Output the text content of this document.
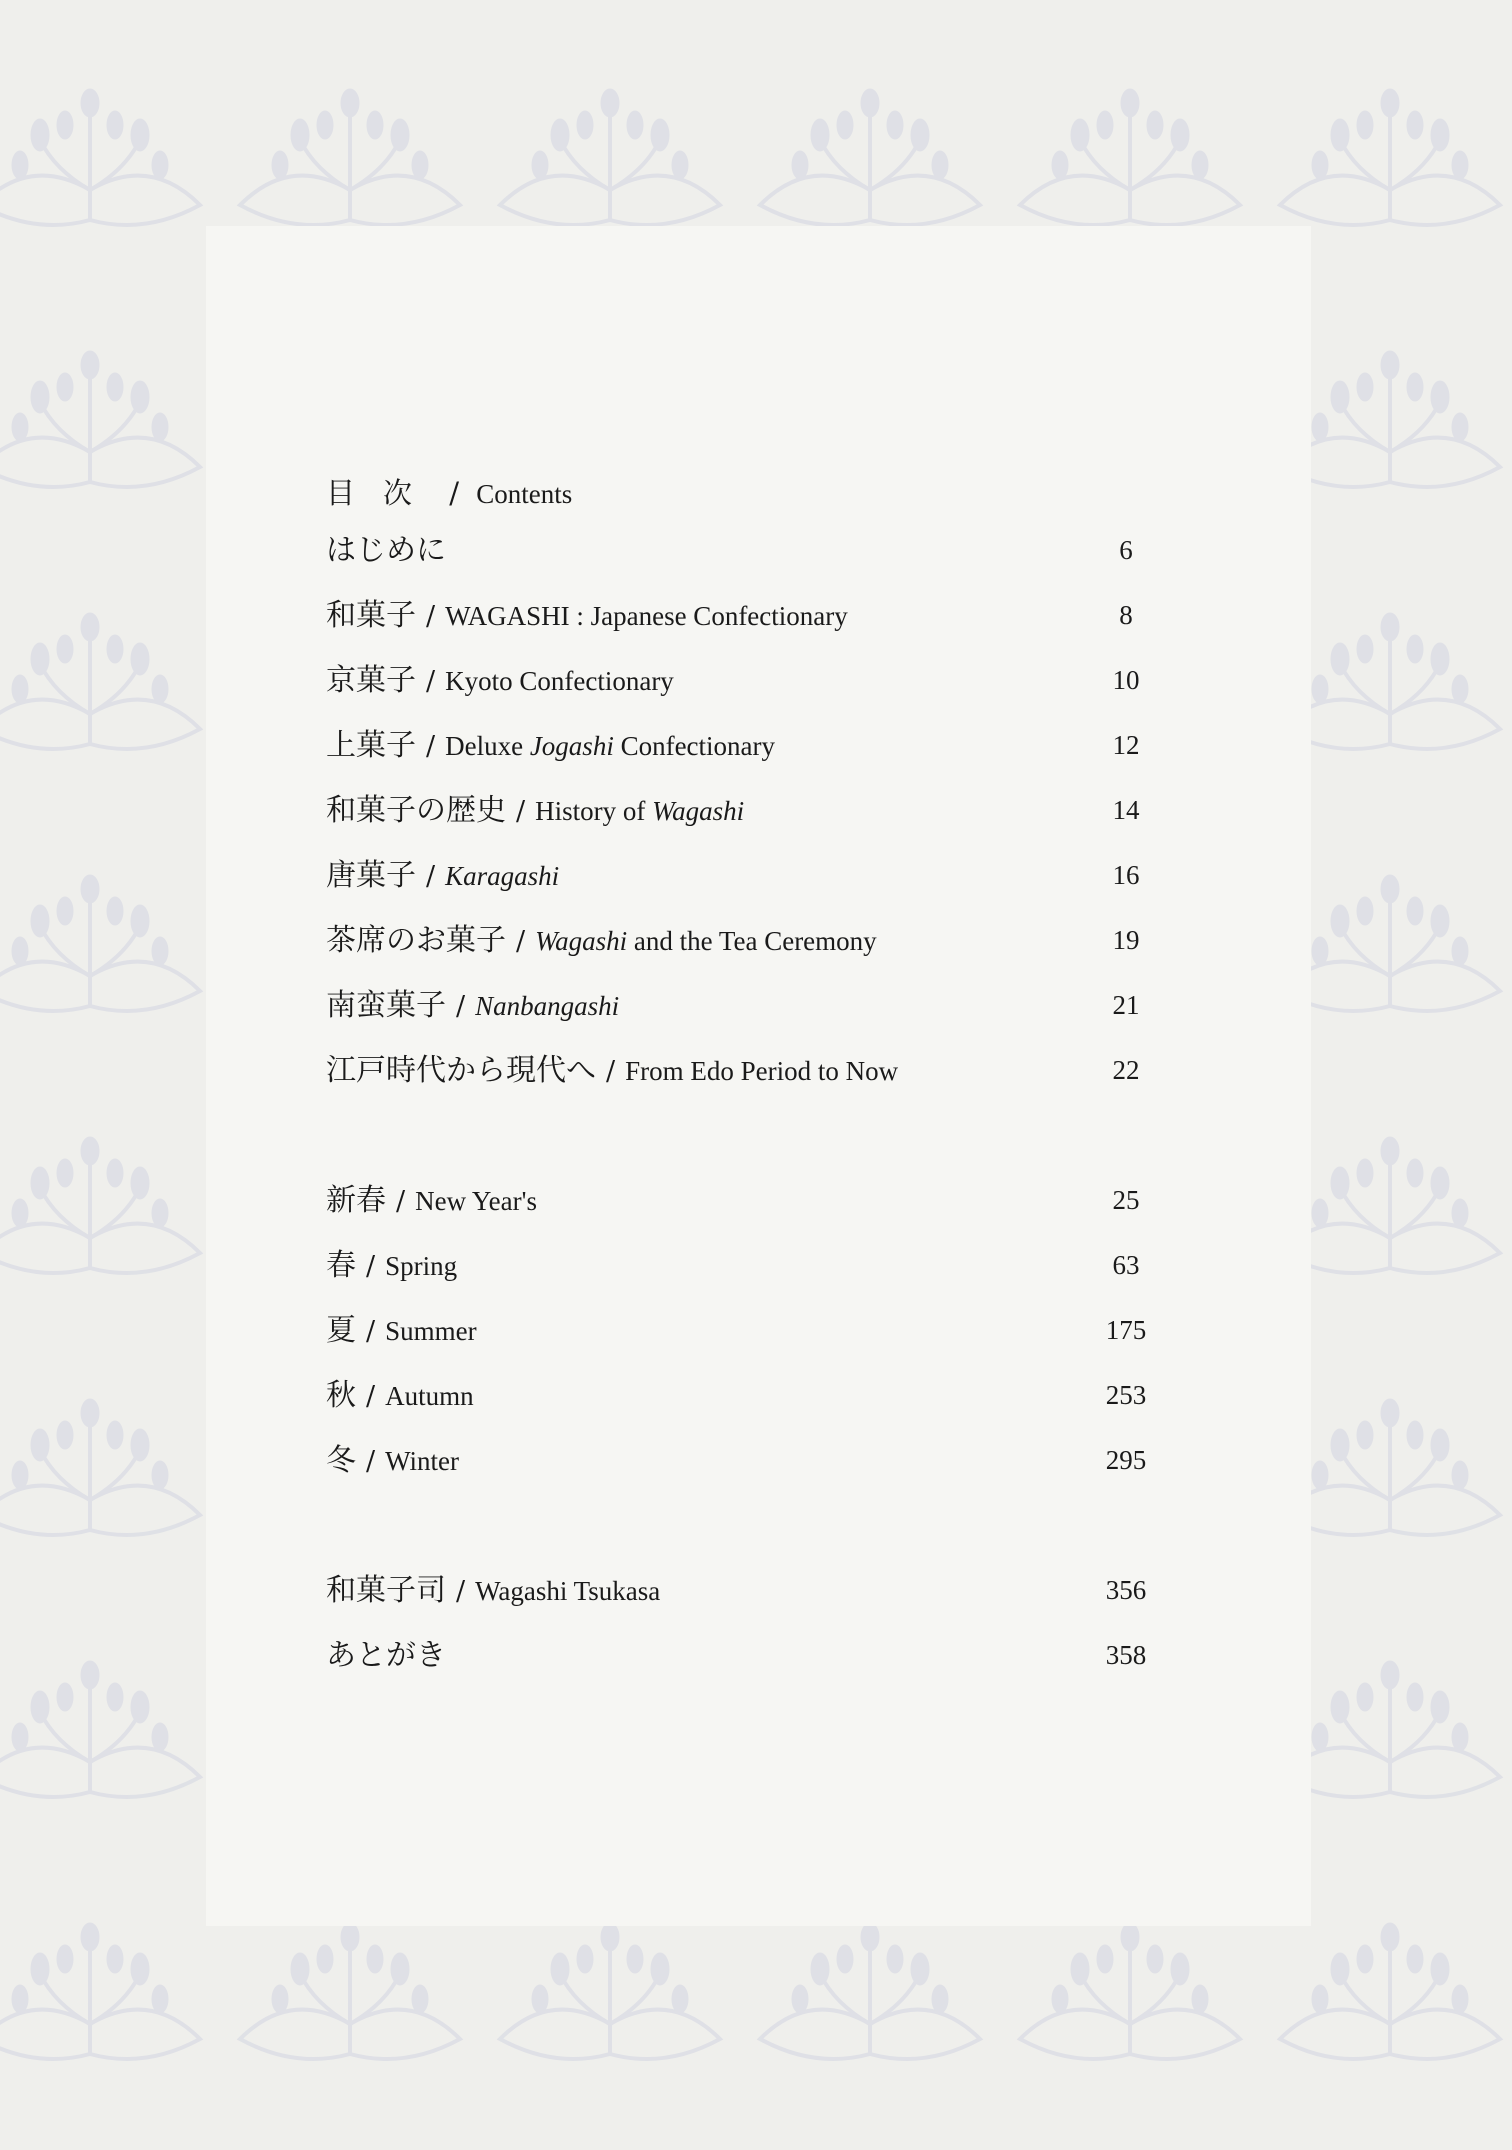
目次 / Contents
はじめに	6
和菓子 / WAGASHI : Japanese Confectionary	8
京菓子 / Kyoto Confectionary	10
上菓子 / Deluxe Jogashi Confectionary	12
和菓子の歴史 / History of Wagashi	14
唐菓子 / Karagashi	16
茶席のお菓子 / Wagashi and the Tea Ceremony	19
南蛮菓子 / Nanbangashi	21
江戸時代から現代へ / From Edo Period to Now	22
新春 / New Year's	25
春 / Spring	63
夏 / Summer	175
秋 / Autumn	253
冬 / Winter	295
和菓子司 / Wagashi Tsukasa	356
あとがき	358
